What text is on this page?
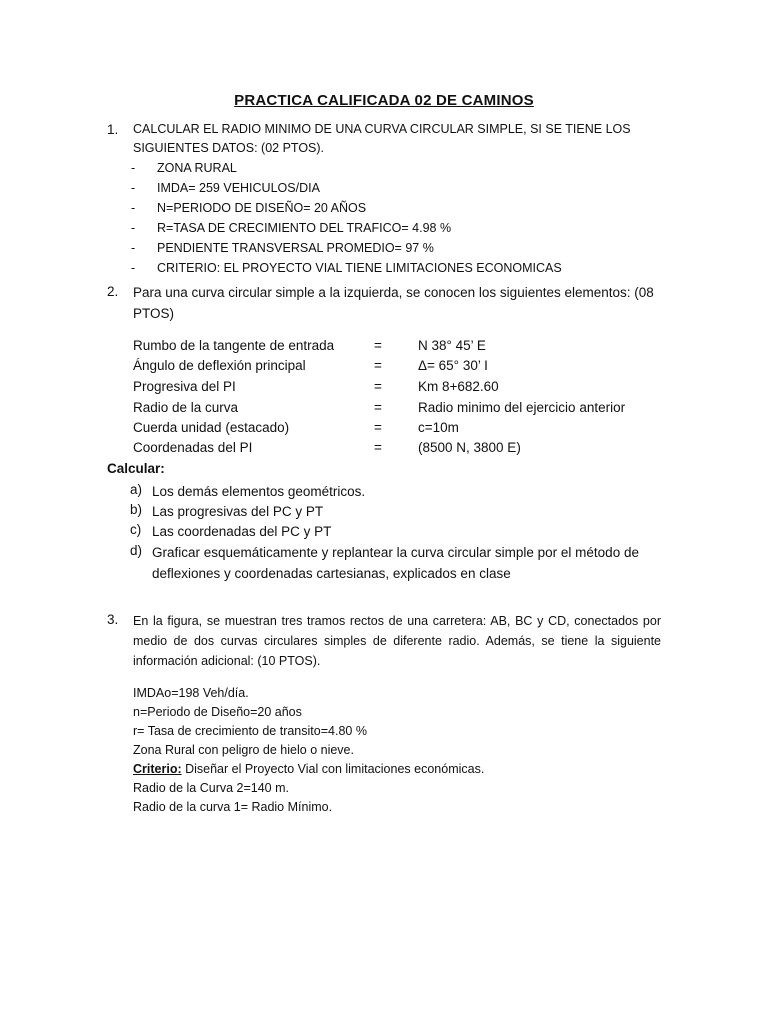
PRACTICA CALIFICADA 02 DE CAMINOS
1. CALCULAR EL RADIO MINIMO DE UNA CURVA CIRCULAR SIMPLE, SI SE TIENE LOS SIGUIENTES DATOS: (02 PTOS).
- ZONA RURAL
- IMDA= 259 VEHICULOS/DIA
- N=PERIODO DE DISEÑO= 20 AÑOS
- R=TASA DE CRECIMIENTO DEL TRAFICO= 4.98 %
- PENDIENTE TRANSVERSAL PROMEDIO= 97 %
- CRITERIO: EL PROYECTO VIAL TIENE LIMITACIONES ECONOMICAS
2. Para una curva circular simple a la izquierda, se conocen los siguientes elementos: (08 PTOS)
Rumbo de la tangente de entrada	=	N 38° 45’ E
Ángulo de deflexión principal	=	Δ= 65° 30’ I
Progresiva del PI	=	Km 8+682.60
Radio de la curva	=	Radio minimo del ejercicio anterior
Cuerda unidad (estacado)	=	c=10m
Coordenadas del PI	=	(8500 N, 3800 E)
Calcular:
a) Los demás elementos geométricos.
b) Las progresivas del PC y PT
c) Las coordenadas del PC y PT
d) Graficar esquemáticamente y replantear la curva circular simple por el método de deflexiones y coordenadas cartesianas, explicados en clase
3. En la figura, se muestran tres tramos rectos de una carretera: AB, BC y CD, conectados por medio de dos curvas circulares simples de diferente radio. Además, se tiene la siguiente información adicional: (10 PTOS).
IMDAo=198 Veh/día.
n=Periodo de Diseño=20 años
r= Tasa de crecimiento de transito=4.80 %
Zona Rural con peligro de hielo o nieve.
Criterio: Diseñar el Proyecto Vial con limitaciones económicas.
Radio de la Curva 2=140 m.
Radio de la curva 1= Radio Mínimo.
